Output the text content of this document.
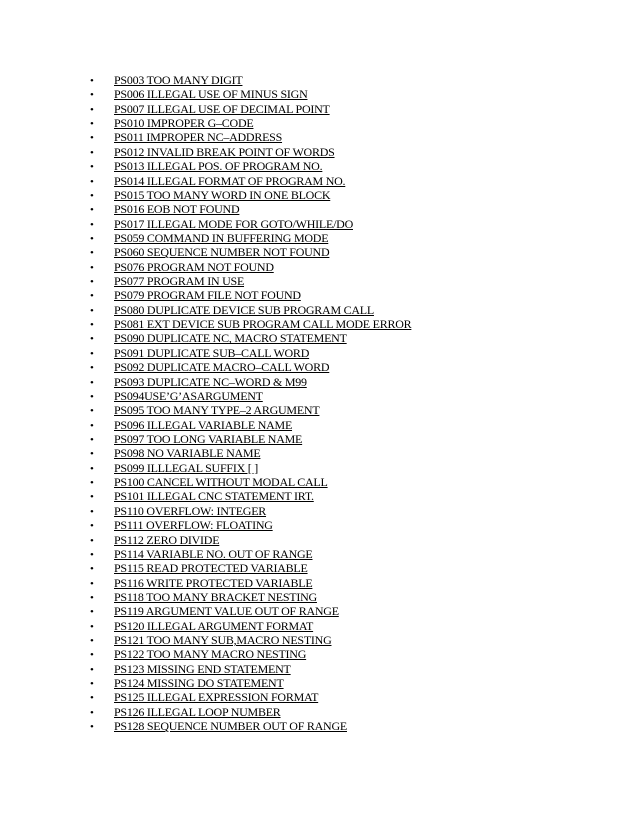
•	PS003 TOO MANY DIGIT
•	PS006 ILLEGAL USE OF MINUS SIGN
•	PS007 ILLEGAL USE OF DECIMAL POINT
•	PS010 IMPROPER G–CODE
•	PS011 IMPROPER NC–ADDRESS
•	PS012 INVALID BREAK POINT OF WORDS
•	PS013 ILLEGAL POS. OF PROGRAM NO.
•	PS014 ILLEGAL FORMAT OF PROGRAM NO.
•	PS015 TOO MANY WORD IN ONE BLOCK
•	PS016 EOB NOT FOUND
•	PS017 ILLEGAL MODE FOR GOTO/WHILE/DO
•	PS059 COMMAND IN BUFFERING MODE
•	PS060 SEQUENCE NUMBER NOT FOUND
•	PS076 PROGRAM NOT FOUND
•	PS077 PROGRAM IN USE
•	PS079 PROGRAM FILE NOT FOUND
•	PS080 DUPLICATE DEVICE SUB PROGRAM CALL
•	PS081 EXT DEVICE SUB PROGRAM CALL MODE ERROR
•	PS090 DUPLICATE NC, MACRO STATEMENT
•	PS091 DUPLICATE SUB–CALL WORD
•	PS092 DUPLICATE MACRO–CALL WORD
•	PS093 DUPLICATE NC–WORD & M99
•	PS094USE’G’ASARGUMENT
•	PS095 TOO MANY TYPE–2 ARGUMENT
•	PS096 ILLEGAL VARIABLE NAME
•	PS097 TOO LONG VARIABLE NAME
•	PS098 NO VARIABLE NAME
•	PS099 ILLLEGAL SUFFIX [ ]
•	PS100 CANCEL WITHOUT MODAL CALL
•	PS101 ILLEGAL CNC STATEMENT IRT.
•	PS110 OVERFLOW: INTEGER
•	PS111 OVERFLOW: FLOATING
•	PS112 ZERO DIVIDE
•	PS114 VARIABLE NO. OUT OF RANGE
•	PS115 READ PROTECTED VARIABLE
•	PS116 WRITE PROTECTED VARIABLE
•	PS118 TOO MANY BRACKET NESTING
•	PS119 ARGUMENT VALUE OUT OF RANGE
•	PS120 ILLEGAL ARGUMENT FORMAT
•	PS121 TOO MANY SUB,MACRO NESTING
•	PS122 TOO MANY MACRO NESTING
•	PS123 MISSING END STATEMENT
•	PS124 MISSING DO STATEMENT
•	PS125 ILLEGAL EXPRESSION FORMAT
•	PS126 ILLEGAL LOOP NUMBER
•	PS128 SEQUENCE NUMBER OUT OF RANGE
